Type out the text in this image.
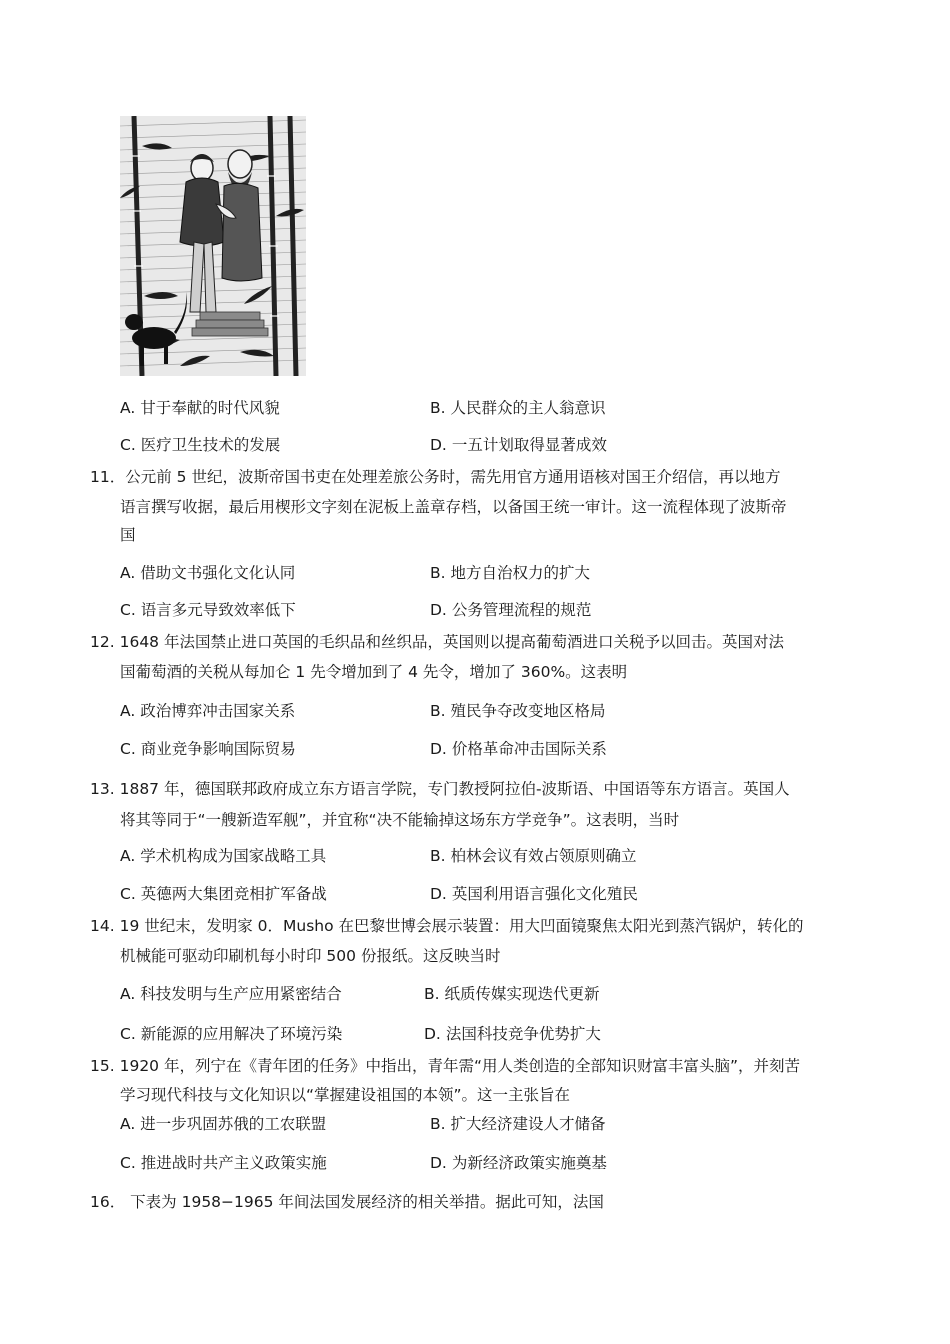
A. 甘于奉献的时代风貌	B. 人民群众的主人翁意识
C. 医疗卫生技术的发展	D. 一五计划取得显著成效
11．公元前 5 世纪，波斯帝国书吏在处理差旅公务时，需先用官方通用语核对国王介绍信，再以地方
语言撰写收据，最后用楔形文字刻在泥板上盖章存档，以备国王统一审计。这一流程体现了波斯帝
国
A. 借助文书强化文化认同	B. 地方自治权力的扩大
C. 语言多元导致效率低下	D. 公务管理流程的规范
12. 1648 年法国禁止进口英国的毛织品和丝织品，英国则以提高葡萄酒进口关税予以回击。英国对法
国葡萄酒的关税从每加仑 1 先令增加到了 4 先令，增加了 360%。这表明
A. 政治博弈冲击国家关系	B. 殖民争夺改变地区格局
C. 商业竞争影响国际贸易	D. 价格革命冲击国际关系
13. 1887 年，德国联邦政府成立东方语言学院，专门教授阿拉伯-波斯语、中国语等东方语言。英国人
将其等同于“一艘新造军舰”，并宜称“决不能输掉这场东方学竞争”。这表明，当时
A. 学术机构成为国家战略工具	B. 柏林会议有效占领原则确立
C. 英德两大集团竞相扩军备战	D. 英国利用语言强化文化殖民
14. 19 世纪末，发明家 0．Musho 在巴黎世博会展示装置：用大凹面镜聚焦太阳光到蒸汽锅炉，转化的
机械能可驱动印刷机每小时印 500 份报纸。这反映当时
A. 科技发明与生产应用紧密结合	B. 纸质传媒实现迭代更新
C. 新能源的应用解决了环境污染	D. 法国科技竞争优势扩大
15. 1920 年，列宁在《青年团的任务》中指出，青年需“用人类创造的全部知识财富丰富头脑”，并刻苦
学习现代科技与文化知识以“掌握建设祖国的本领”。这一主张旨在
A. 进一步巩固苏俄的工农联盟	B. 扩大经济建设人才储备
C. 推进战时共产主义政策实施	D. 为新经济政策实施奠基
16． 下表为 1958−1965 年间法国发展经济的相关举措。据此可知，法国
